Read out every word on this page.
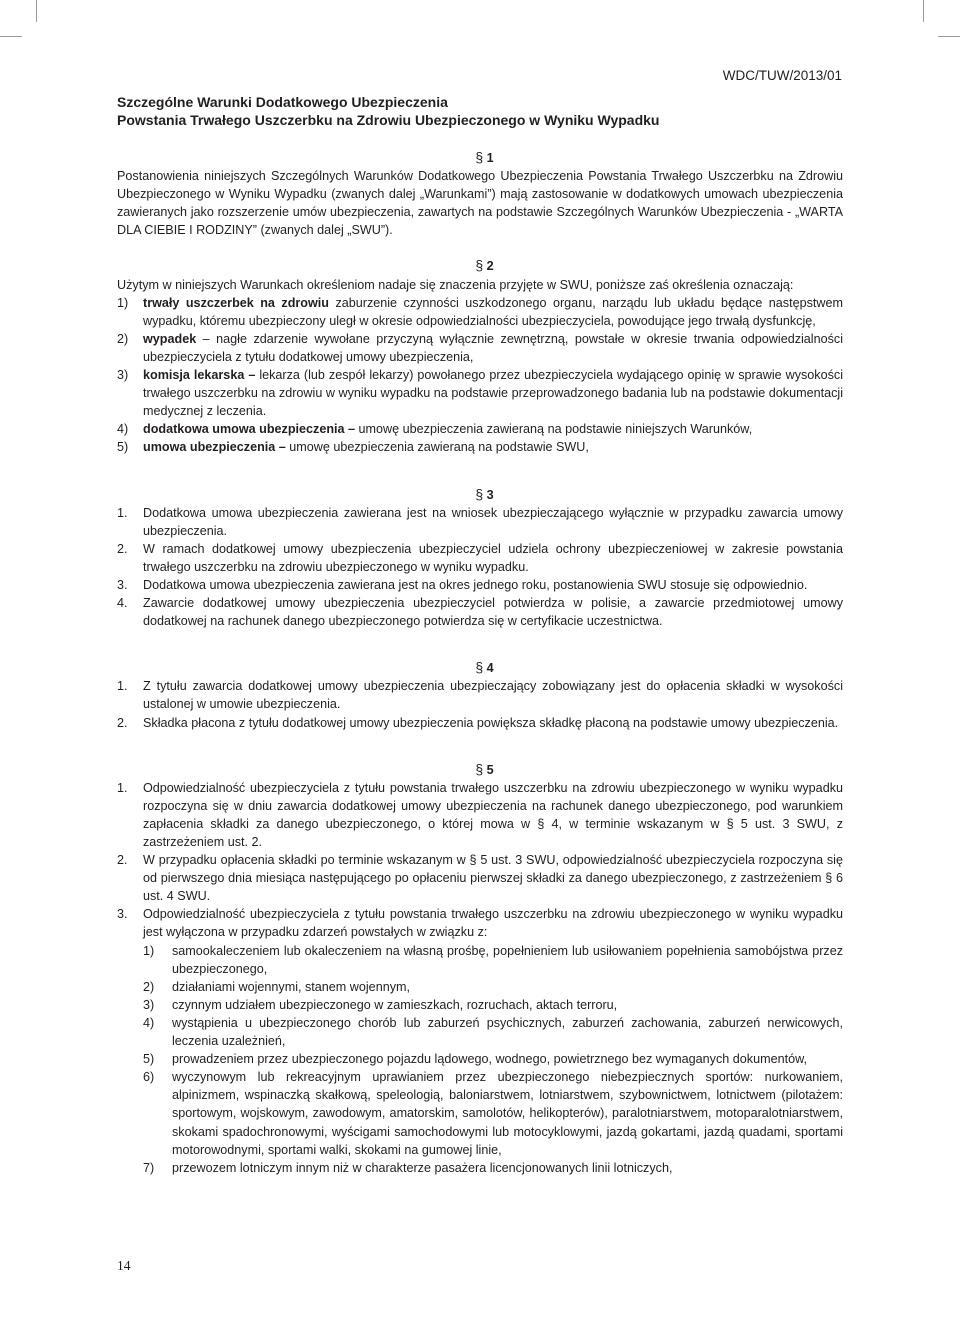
WDC/TUW/2013/01
Szczególne Warunki Dodatkowego Ubezpieczenia
Powstania Trwałego Uszczerbku na Zdrowiu Ubezpieczonego w Wyniku Wypadku
§ 1
Postanowienia niniejszych Szczególnych Warunków Dodatkowego Ubezpieczenia Powstania Trwałego Uszczerbku na Zdrowiu Ubezpieczonego w Wyniku Wypadku (zwanych dalej „Warunkami”) mają zastosowanie w dodatkowych umowach ubezpieczenia zawieranych jako rozszerzenie umów ubezpieczenia, zawartych na podstawie Szczególnych Warunków Ubezpieczenia - „WARTA DLA CIEBIE I RODZINY” (zwanych dalej „SWU”).
§ 2
Użytym w niniejszych Warunkach określeniom nadaje się znaczenia przyjęte w SWU, poniższe zaś określenia oznaczają:
1)	trwały uszczerbek na zdrowiu zaburzenie czynności uszkodzonego organu, narządu lub układu będące następstwem wypadku, któremu ubezpieczony uległ w okresie odpowiedzialności ubezpieczyciela, powodujące jego trwałą dysfunkcję,
2)	wypadek – nagłe zdarzenie wywołane przyczyną wyłącznie zewnętrzną, powstałe w okresie trwania odpowiedzialności ubezpieczyciela z tytułu dodatkowej umowy ubezpieczenia,
3)	komisja lekarska – lekarza (lub zespół lekarzy) powołanego przez ubezpieczyciela wydającego opinię w sprawie wysokości trwałego uszczerbku na zdrowiu w wyniku wypadku na podstawie przeprowadzonego badania lub na podstawie dokumentacji medycznej z leczenia.
4)	dodatkowa umowa ubezpieczenia – umowę ubezpieczenia zawieraną na podstawie niniejszych Warunków,
5)	umowa ubezpieczenia – umowę ubezpieczenia zawieraną na podstawie SWU,
§ 3
1.	Dodatkowa umowa ubezpieczenia zawierana jest na wniosek ubezpieczającego wyłącznie w przypadku zawarcia umowy ubezpieczenia.
2.	W ramach dodatkowej umowy ubezpieczenia ubezpieczyciel udziela ochrony ubezpieczeniowej w zakresie powstania trwałego uszczerbku na zdrowiu ubezpieczonego w wyniku wypadku.
3.	Dodatkowa umowa ubezpieczenia zawierana jest na okres jednego roku, postanowienia SWU stosuje się odpowiednio.
4.	Zawarcie dodatkowej umowy ubezpieczenia ubezpieczyciel potwierdza w polisie, a zawarcie przedmiotowej umowy dodatkowej na rachunek danego ubezpieczonego potwierdza się w certyfikacie uczestnictwa.
§ 4
1.	Z tytułu zawarcia dodatkowej umowy ubezpieczenia ubezpieczający zobowiązany jest do opłacenia składki w wysokości ustalonej w umowie ubezpieczenia.
2.	Składka płacona z tytułu dodatkowej umowy ubezpieczenia powiększa składkę płaconą na podstawie umowy ubezpieczenia.
§ 5
1.	Odpowiedzialność ubezpieczyciela z tytułu powstania trwałego uszczerbku na zdrowiu ubezpieczonego w wyniku wypadku rozpoczyna się w dniu zawarcia dodatkowej umowy ubezpieczenia na rachunek danego ubezpieczonego, pod warunkiem zapłacenia składki za danego ubezpieczonego, o której mowa w § 4, w terminie wskazanym w § 5 ust. 3 SWU, z zastrzeżeniem ust. 2.
2.	W przypadku opłacenia składki po terminie wskazanym w § 5 ust. 3 SWU, odpowiedzialność ubezpieczyciela rozpoczyna się od pierwszego dnia miesiąca następującego po opłaceniu pierwszej składki za danego ubezpieczonego, z zastrzeżeniem § 6 ust. 4 SWU.
3.	Odpowiedzialność ubezpieczyciela z tytułu powstania trwałego uszczerbku na zdrowiu ubezpieczonego w wyniku wypadku jest wyłączona w przypadku zdarzeń powstałych w związku z:
1)	samookaleczeniem lub okaleczeniem na własną prośbę, popełnieniem lub usiłowaniem popełnienia samobójstwa przez ubezpieczonego,
2)	działaniami wojennymi, stanem wojennym,
3)	czynnym udziałem ubezpieczonego w zamieszkach, rozruchach, aktach terroru,
4)	wystąpienia u ubezpieczonego chorób lub zaburzeń psychicznych, zaburzeń zachowania, zaburzeń nerwicowych, leczenia uzależnień,
5)	prowadzeniem przez ubezpieczonego pojazdu lądowego, wodnego, powietrznego bez wymaganych dokumentów,
6)	wyczynowym lub rekreacyjnym uprawianiem przez ubezpieczonego niebezpiecznych sportów: nurkowaniem, alpinizmem, wspinaczką skałkową, speleologią, baloniarstwem, lotniarstwem, szybownictwem, lotnictwem (pilotażem: sportowym, wojskowym, zawodowym, amatorskim, samolotów, helikopterów), paralotniarstwem, motoparalotniarstwem, skokami spadochronowymi, wyścigami samochodowymi lub motocyklowymi, jazdą gokartami, jazdą quadami, sportami motorowodnymi, sportami walki, skokami na gumowej linie,
7)	przewozem lotniczym innym niż w charakterze pasażera licencjonowanych linii lotniczych,
14
